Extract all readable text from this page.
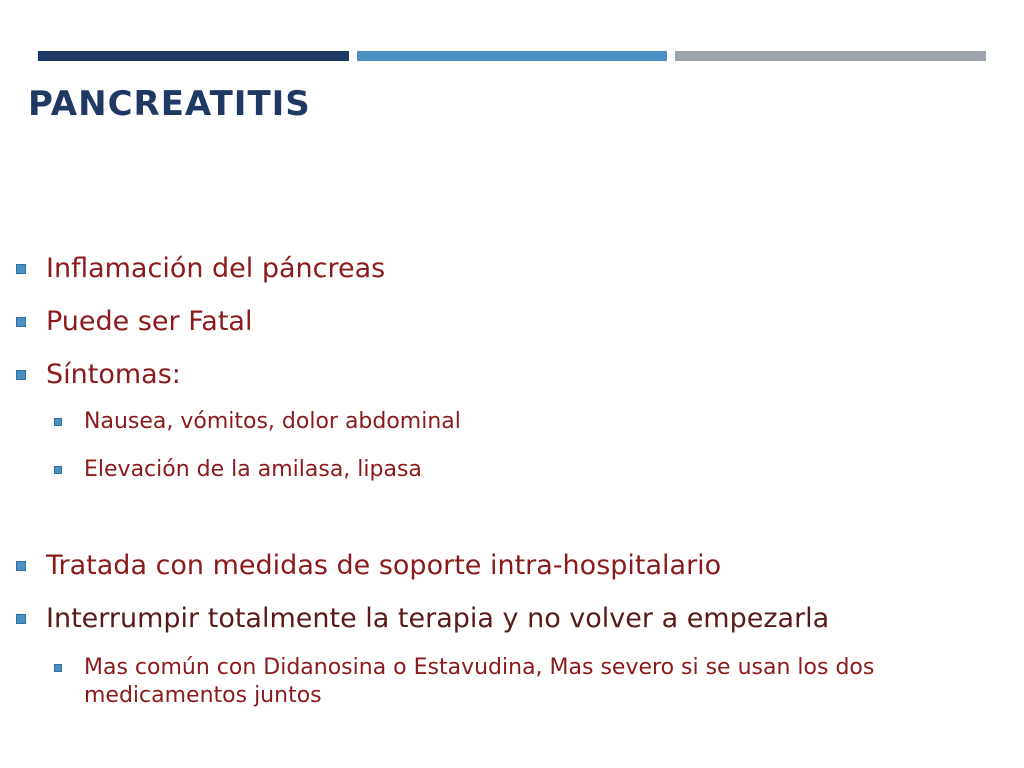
PANCREATITIS
Inflamación del páncreas
Puede ser Fatal
Síntomas:
Nausea, vómitos, dolor abdominal
Elevación de la amilasa, lipasa
Tratada con medidas de soporte intra-hospitalario
Interrumpir totalmente la terapia y no volver a empezarla
Mas común con Didanosina o Estavudina, Mas severo si se usan los dos medicamentos juntos
